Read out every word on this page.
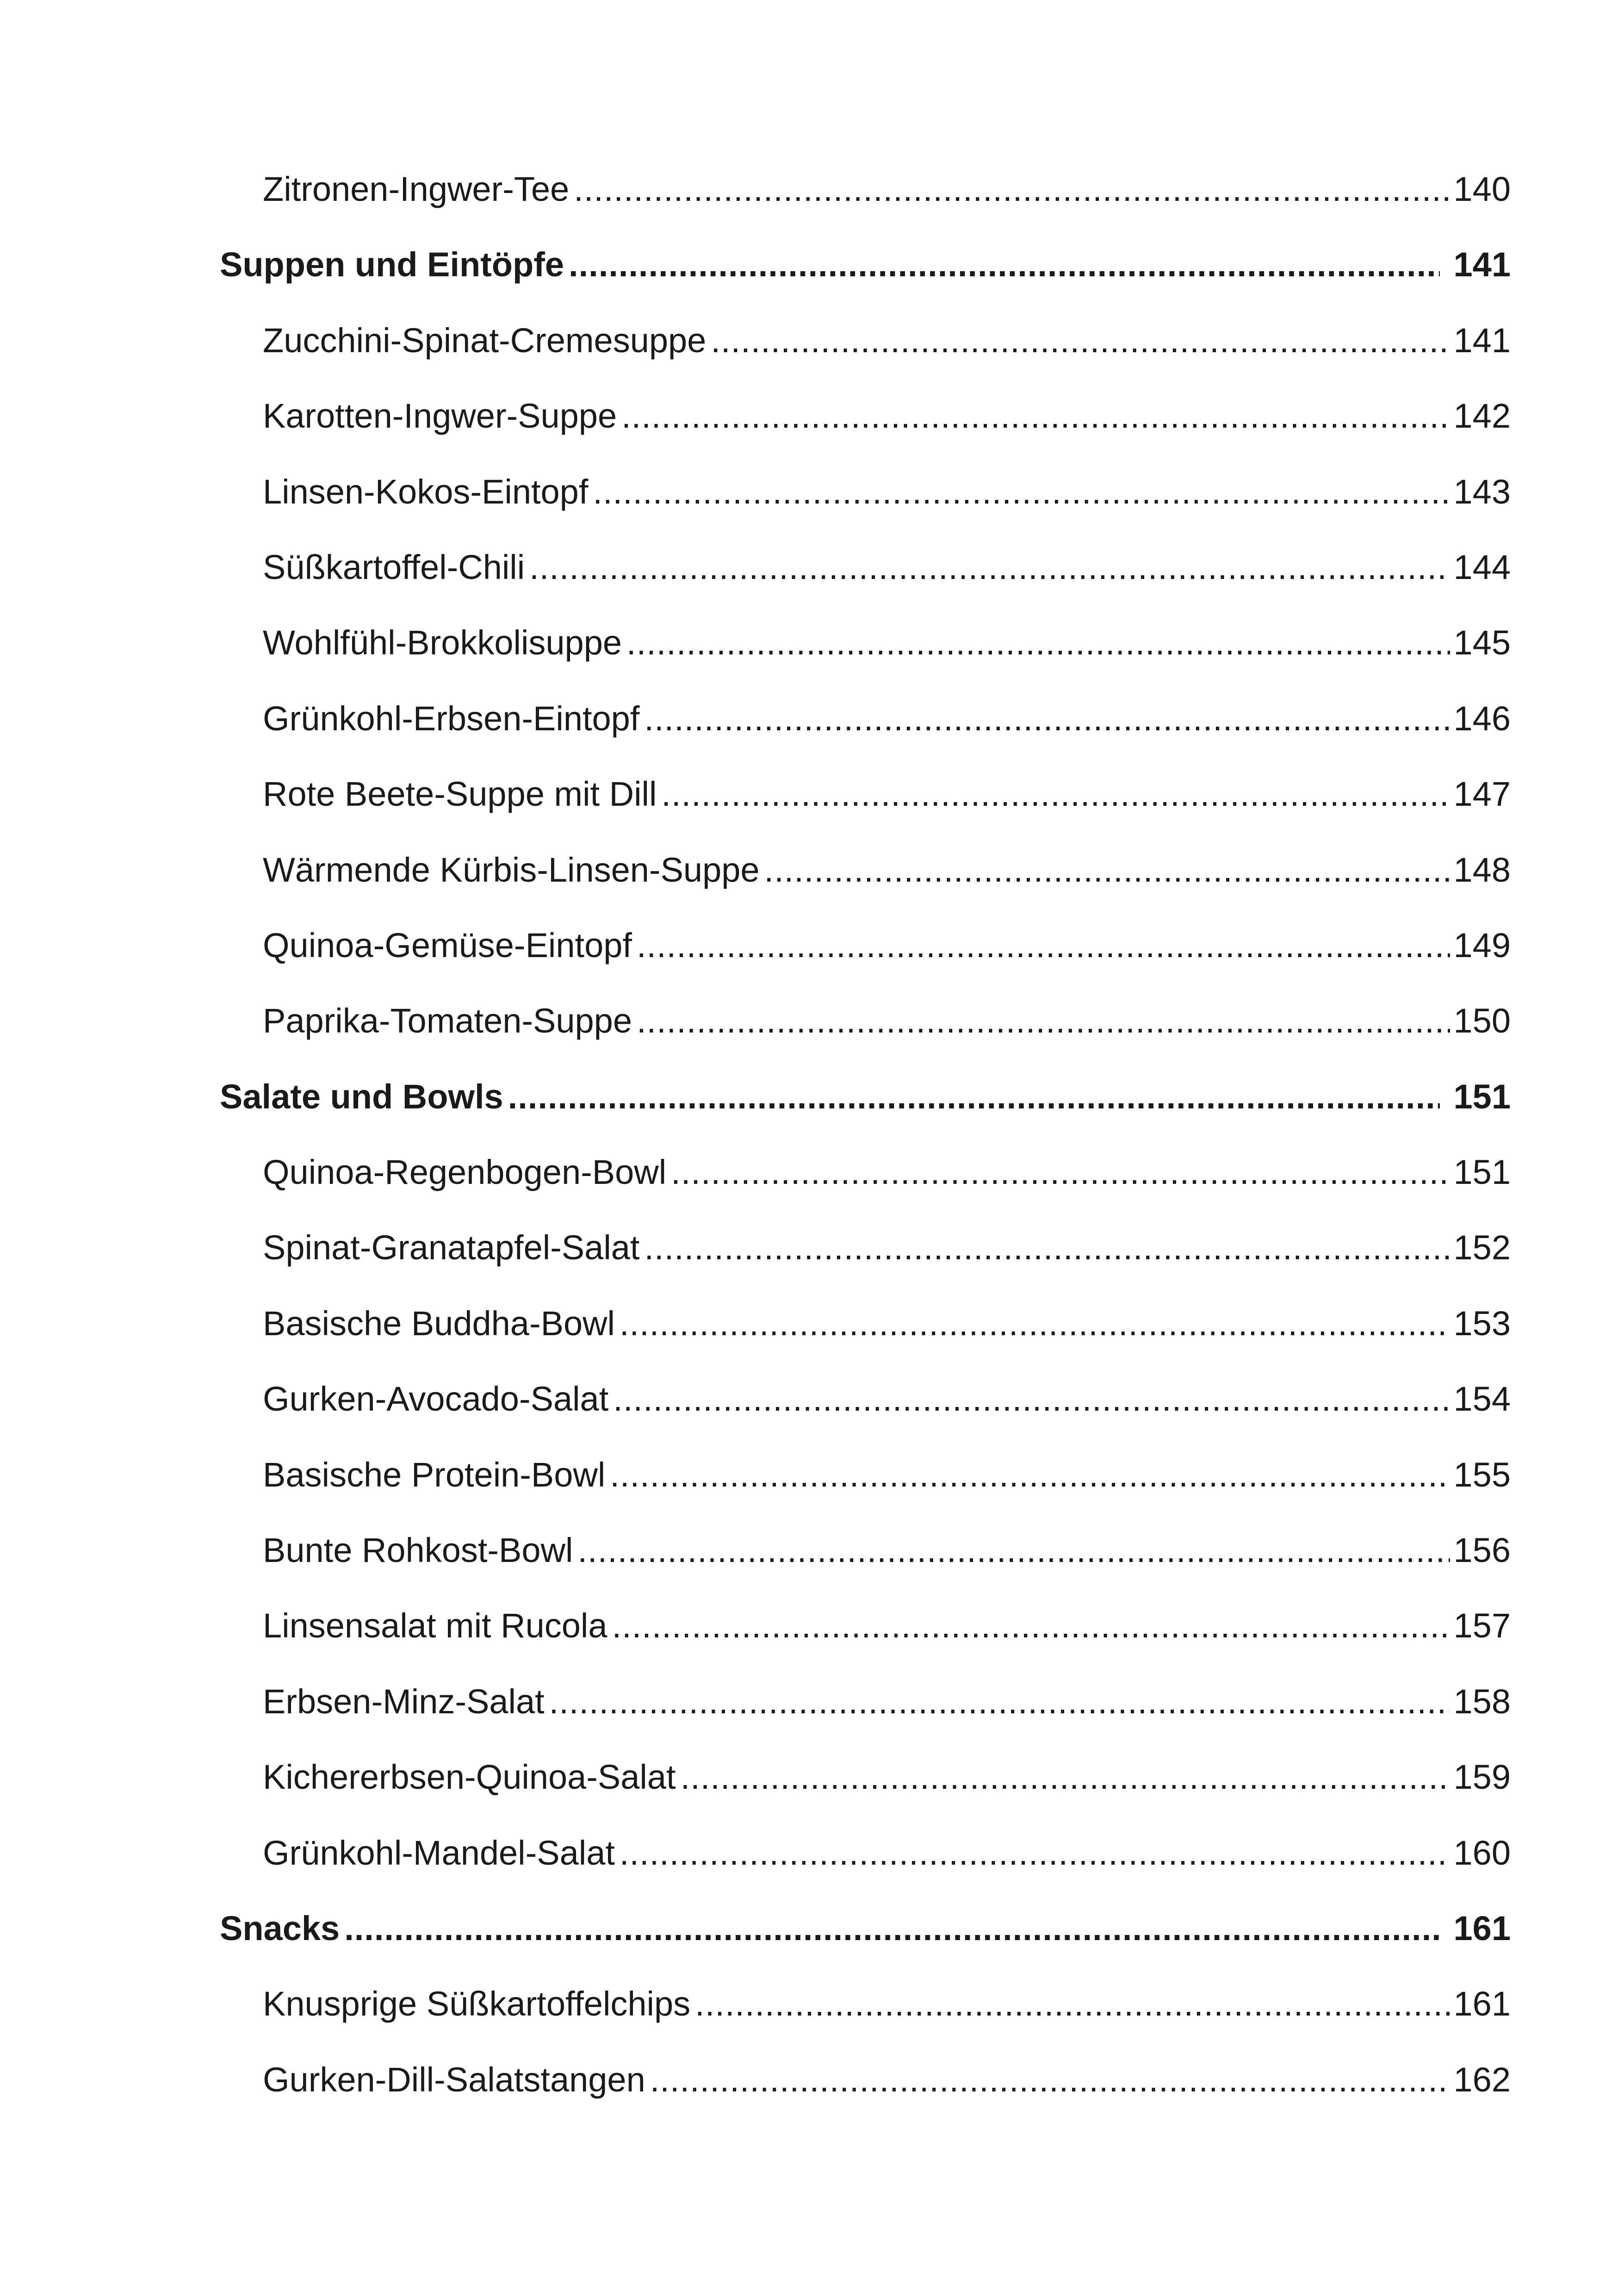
Zitronen-Ingwer-Tee .....	140
Suppen und Eintöpfe .....	141
Zucchini-Spinat-Cremesuppe .....	141
Karotten-Ingwer-Suppe .....	142
Linsen-Kokos-Eintopf .....	143
Süßkartoffel-Chili .....	144
Wohlfühl-Brokkolisuppe .....	145
Grünkohl-Erbsen-Eintopf .....	146
Rote Beete-Suppe mit Dill .....	147
Wärmende Kürbis-Linsen-Suppe .....	148
Quinoa-Gemüse-Eintopf .....	149
Paprika-Tomaten-Suppe .....	150
Salate und Bowls .....	151
Quinoa-Regenbogen-Bowl .....	151
Spinat-Granatapfel-Salat .....	152
Basische Buddha-Bowl .....	153
Gurken-Avocado-Salat .....	154
Basische Protein-Bowl .....	155
Bunte Rohkost-Bowl .....	156
Linsensalat mit Rucola .....	157
Erbsen-Minz-Salat .....	158
Kichererbsen-Quinoa-Salat .....	159
Grünkohl-Mandel-Salat .....	160
Snacks .....	161
Knusprige Süßkartoffelchips .....	161
Gurken-Dill-Salatstangen .....	162
